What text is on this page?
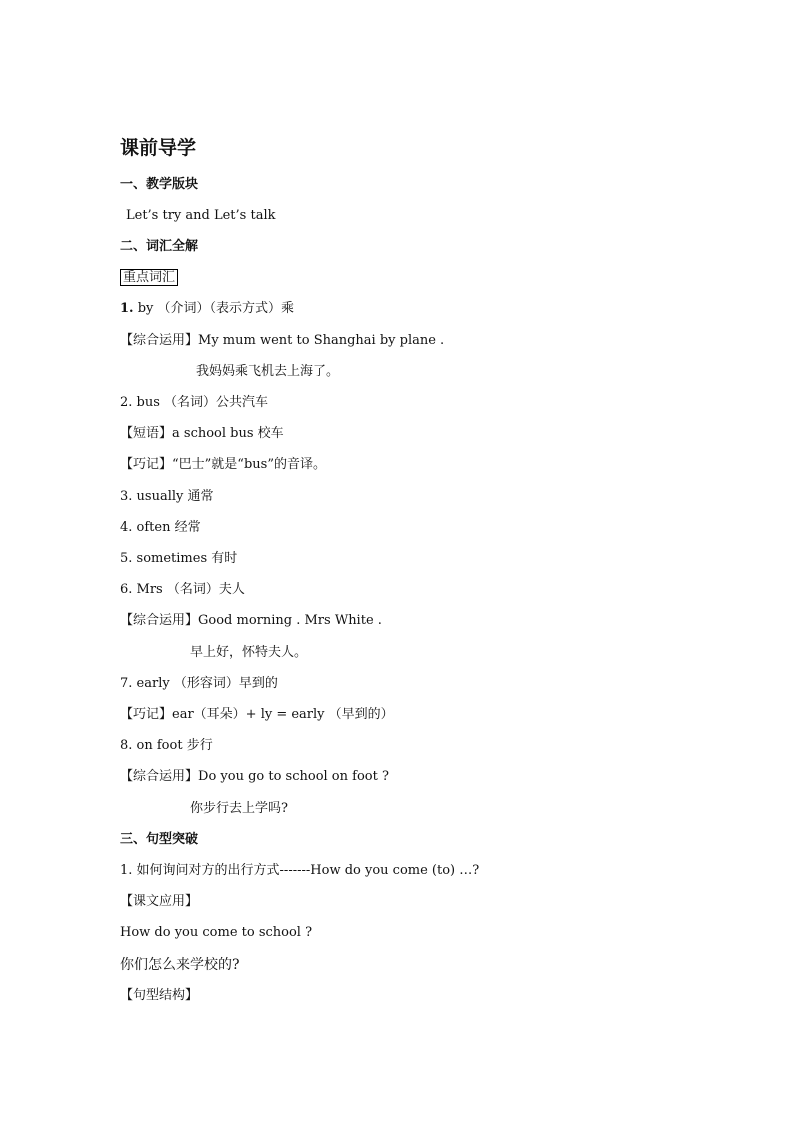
课前导学
一、教学版块
Let’s try and Let’s talk
二、词汇全解
重点词汇
1. by （介词）（表示方式）乘
【综合运用】My mum went to Shanghai by plane .
我妈妈乘飞机去上海了。
2. bus （名词）公共汽车
【短语】a school bus 校车
【巧记】“巴士”就是“bus”的音译。
3. usually 通常
4. often 经常
5. sometimes 有时
6. Mrs （名词）夫人
【综合运用】Good morning . Mrs White .
早上好，怀特夫人。
7. early （形容词）早到的
【巧记】ear（耳朵）+ ly = early （早到的）
8. on foot 步行
【综合运用】Do you go to school on foot ?
你步行去上学吗?
三、句型突破
1. 如何询问对方的出行方式-------How do you come (to) …?
【课文应用】
How do you come to school ?
你们怎么来学校的?
【句型结构】
